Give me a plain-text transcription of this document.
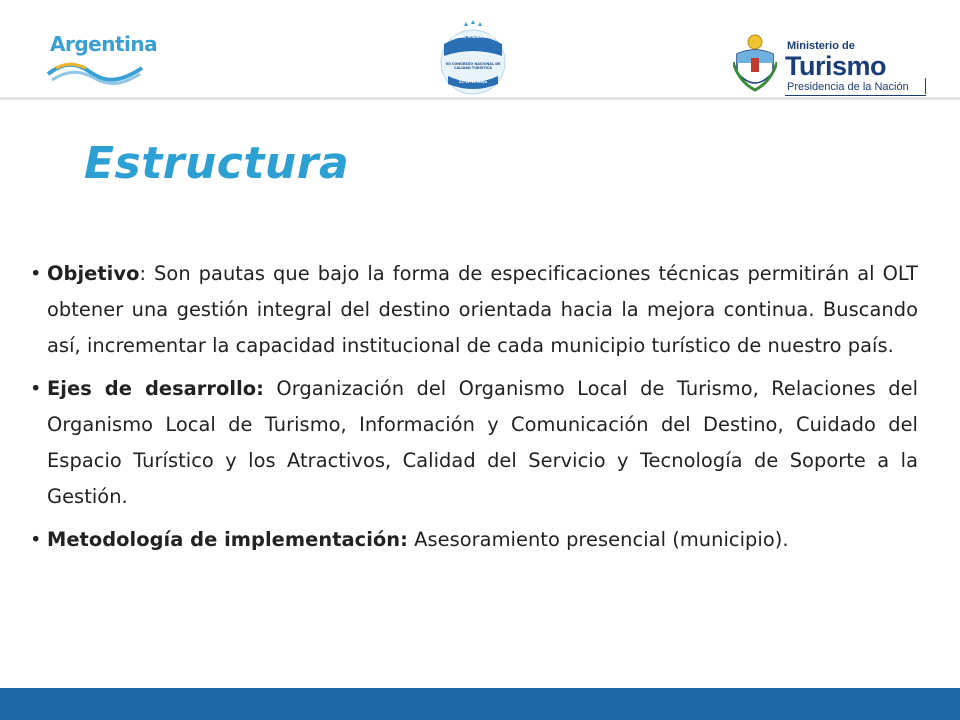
Argentina	Posadas, Misiones 2015
VII CONGRESO NACIONAL DE CALIDAD TURÍSTICA
11-12-13 Mayo
Ministerio de
Turismo
Presidencia de la Nación
Estructura
• Objetivo: Son pautas que bajo la forma de especificaciones técnicas permitirán al OLT obtener una gestión integral del destino orientada hacia la mejora continua. Buscando así, incrementar la capacidad institucional de cada municipio turístico de nuestro país.
• Ejes de desarrollo: Organización del Organismo Local de Turismo, Relaciones del Organismo Local de Turismo, Información y Comunicación del Destino, Cuidado del Espacio Turístico y los Atractivos, Calidad del Servicio y Tecnología de Soporte a la Gestión.
• Metodología de implementación: Asesoramiento presencial (municipio).
